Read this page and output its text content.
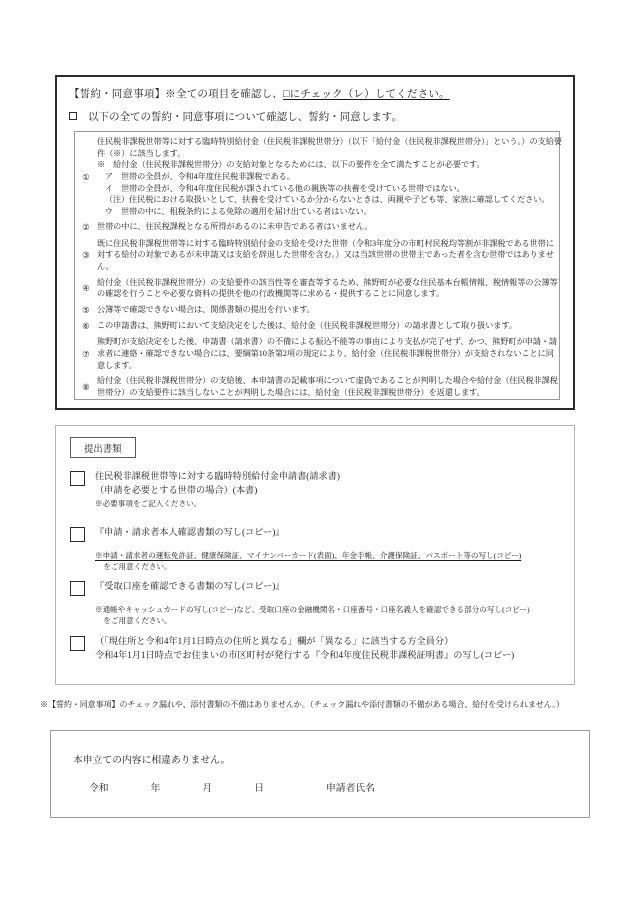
【誓約・同意事項】※全ての項目を確認し、□にチェック（レ）してください。
以下の全ての誓約・同意事項について確認し、誓約・同意します。
①
住民税非課税世帯等に対する臨時特別給付金（住民税非課税世帯分）（以下「給付金（住民税非課税世帯分）」という。）の支給要
件（※）に該当します。
※　給付金（住民税非課税世帯分）の支給対象となるためには、以下の要件を全て満たすことが必要です。
ア　世帯の全員が、令和4年度住民税非課税である。
イ　世帯の全員が、令和4年度住民税が課されている他の親族等の扶養を受けている世帯ではない。
（注）住民税における取扱いとして、扶養を受けているか分からないときは、両親や子ども等、家族に確認してください。
ウ　世帯の中に、租税条約による免除の適用を届け出ている者はいない。
② 世帯の中に、住民税課税となる所得があるのに未申告である者はいません。
③
既に住民税非課税世帯等に対する臨時特別給付金の支給を受けた世帯（令和3年度分の市町村民税均等割が非課税である世帯に
対する給付の対象であるが未申請又は支給を辞退した世帯を含む。）又は当該世帯の世帯主であった者を含む世帯ではありませ
ん。
④
給付金（住民税非課税世帯分）の支給要件の該当性等を審査等するため、熊野町が必要な住民基本台帳情報、税情報等の公簿等
の確認を行うことや必要な資料の提供を他の行政機関等に求める・提供することに同意します。
⑤ 公簿等で確認できない場合は、関係書類の提出を行います。
⑥ この申請書は、熊野町において支給決定をした後は、給付金（住民税非課税世帯分）の請求書として取り扱います。
⑦
熊野町が支給決定をした後、申請書（請求書）の不備による振込不能等の事由により支払が完了せず、かつ、熊野町が申請・請
求者に連絡・確認できない場合には、要綱第10条第2項の規定により、給付金（住民税非課税世帯分）が支給されないことに同
意します。
⑧
給付金（住民税非課税世帯分）の支給後、本申請書の記載事項について虚偽であることが判明した場合や給付金（住民税非課税
世帯分）の支給要件に該当しないことが判明した場合には、給付金（住民税非課税世帯分）を返還します。
提出書類
住民税非課税世帯等に対する臨時特別給付金申請書(請求書)
（申請を必要とする世帯の場合）(本書)
※必要事項をご記入ください。
『申請・請求者本人確認書類の写し(コピー)』
※申請・請求者の運転免許証、健康保険証、マイナンバーカード(表面)、年金手帳、介護保険証、パスポート等の写し(コピー)
をご用意ください。
『受取口座を確認できる書類の写し(コピー)』
※通帳やキャッシュカードの写し(コピー)など、受取口座の金融機関名・口座番号・口座名義人を確認できる部分の写し(コピー)
をご用意ください。
（「現住所と令和4年1月1日時点の住所と異なる」欄が「異なる」に該当する方全員分）
令和4年1月1日時点でお住まいの市区町村が発行する『令和4年度住民税非課税証明書』の写し(コピー)
※【誓約・同意事項】のチェック漏れや、添付書類の不備はありませんか。（チェック漏れや添付書類の不備がある場合、給付を受けられません。）
本申立ての内容に相違ありません。
令和	年	月	日	申請者氏名
